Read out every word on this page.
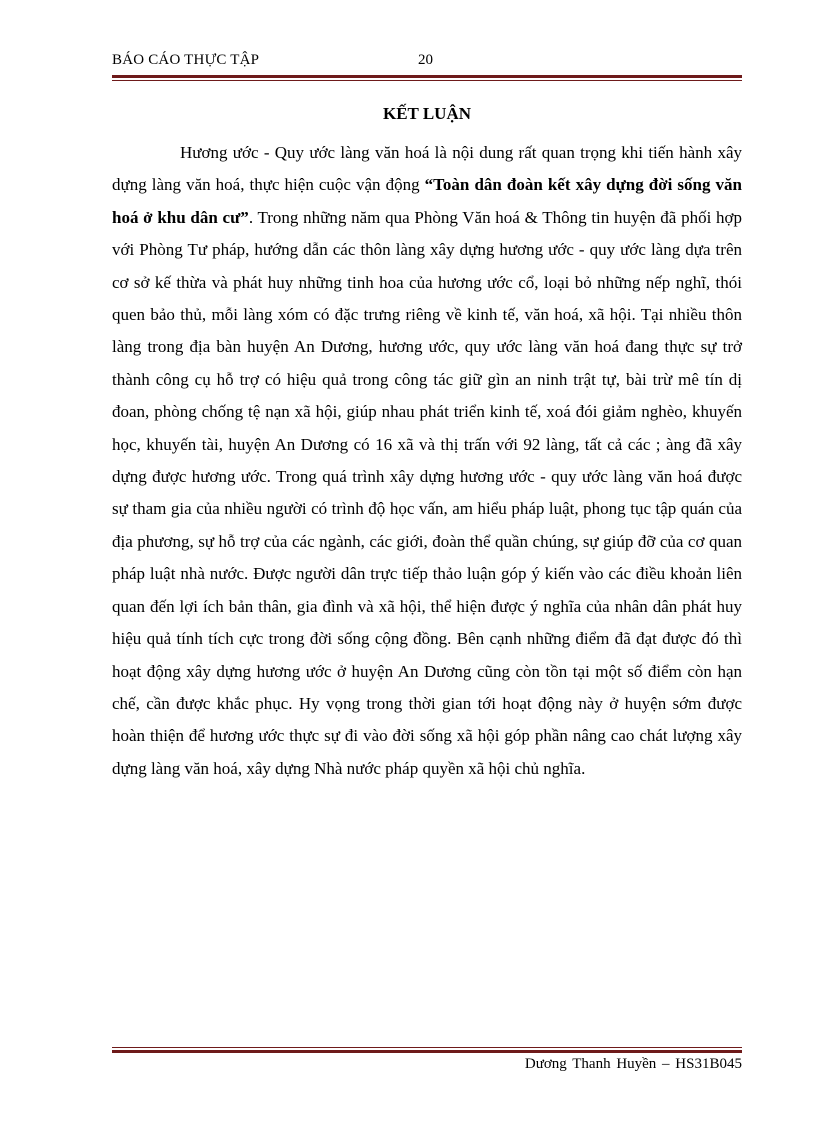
BÁO CÁO THỰC TẬP	20
KẾT LUẬN

Hương ước - Quy ước làng văn hoá là nội dung rất quan trọng khi tiến hành xây dựng làng văn hoá, thực hiện cuộc vận động “Toàn dân đoàn kết xây dựng đời sống văn hoá ở khu dân cư”. Trong những năm qua Phòng Văn hoá & Thông tin huyện đã phối hợp với Phòng Tư pháp, hướng dẫn các thôn làng xây dựng hương ước - quy ước làng dựa trên cơ sở kế thừa và phát huy những tinh hoa của hương ước cổ, loại bỏ những nếp nghĩ, thói quen bảo thủ, mỗi làng xóm có đặc trưng riêng về kinh tế, văn hoá, xã hội. Tại nhiều thôn làng trong địa bàn huyện An Dương, hương ước, quy ước làng văn hoá đang thực sự trở thành công cụ hỗ trợ có hiệu quả trong công tác giữ gìn an ninh trật tự, bài trừ mê tín dị đoan, phòng chống tệ nạn xã hội, giúp nhau phát triển kinh tế, xoá đói giảm nghèo, khuyến học, khuyến tài, huyện An Dương có 16 xã và thị trấn với 92 làng, tất cả các ; àng đã xây dựng được hương ước. Trong quá trình xây dựng hương ước - quy ước làng văn hoá được sự tham gia của nhiều người có trình độ học vấn, am hiểu pháp luật, phong tục tập quán của địa phương, sự hỗ trợ của các ngành, các giới, đoàn thể quần chúng, sự giúp đỡ của cơ quan pháp luật nhà nước. Được người dân trực tiếp thảo luận góp ý kiến vào các điều khoản liên quan đến lợi ích bản thân, gia đình và xã hội, thể hiện được ý nghĩa của nhân dân phát huy hiệu quả tính tích cực trong đời sống cộng đồng. Bên cạnh những điểm đã đạt được đó thì hoạt động xây dựng hương ước ở huyện An Dương cũng còn tồn tại một số điểm còn hạn chế, cần được khắc phục. Hy vọng trong thời gian tới hoạt động này ở huyện sớm được hoàn thiện để hương ước thực sự đi vào đời sống xã hội góp phần nâng cao chát lượng xây dựng làng văn hoá, xây dựng Nhà nước pháp quyền xã hội chủ nghĩa.

Dương Thanh Huyền – HS31B045
